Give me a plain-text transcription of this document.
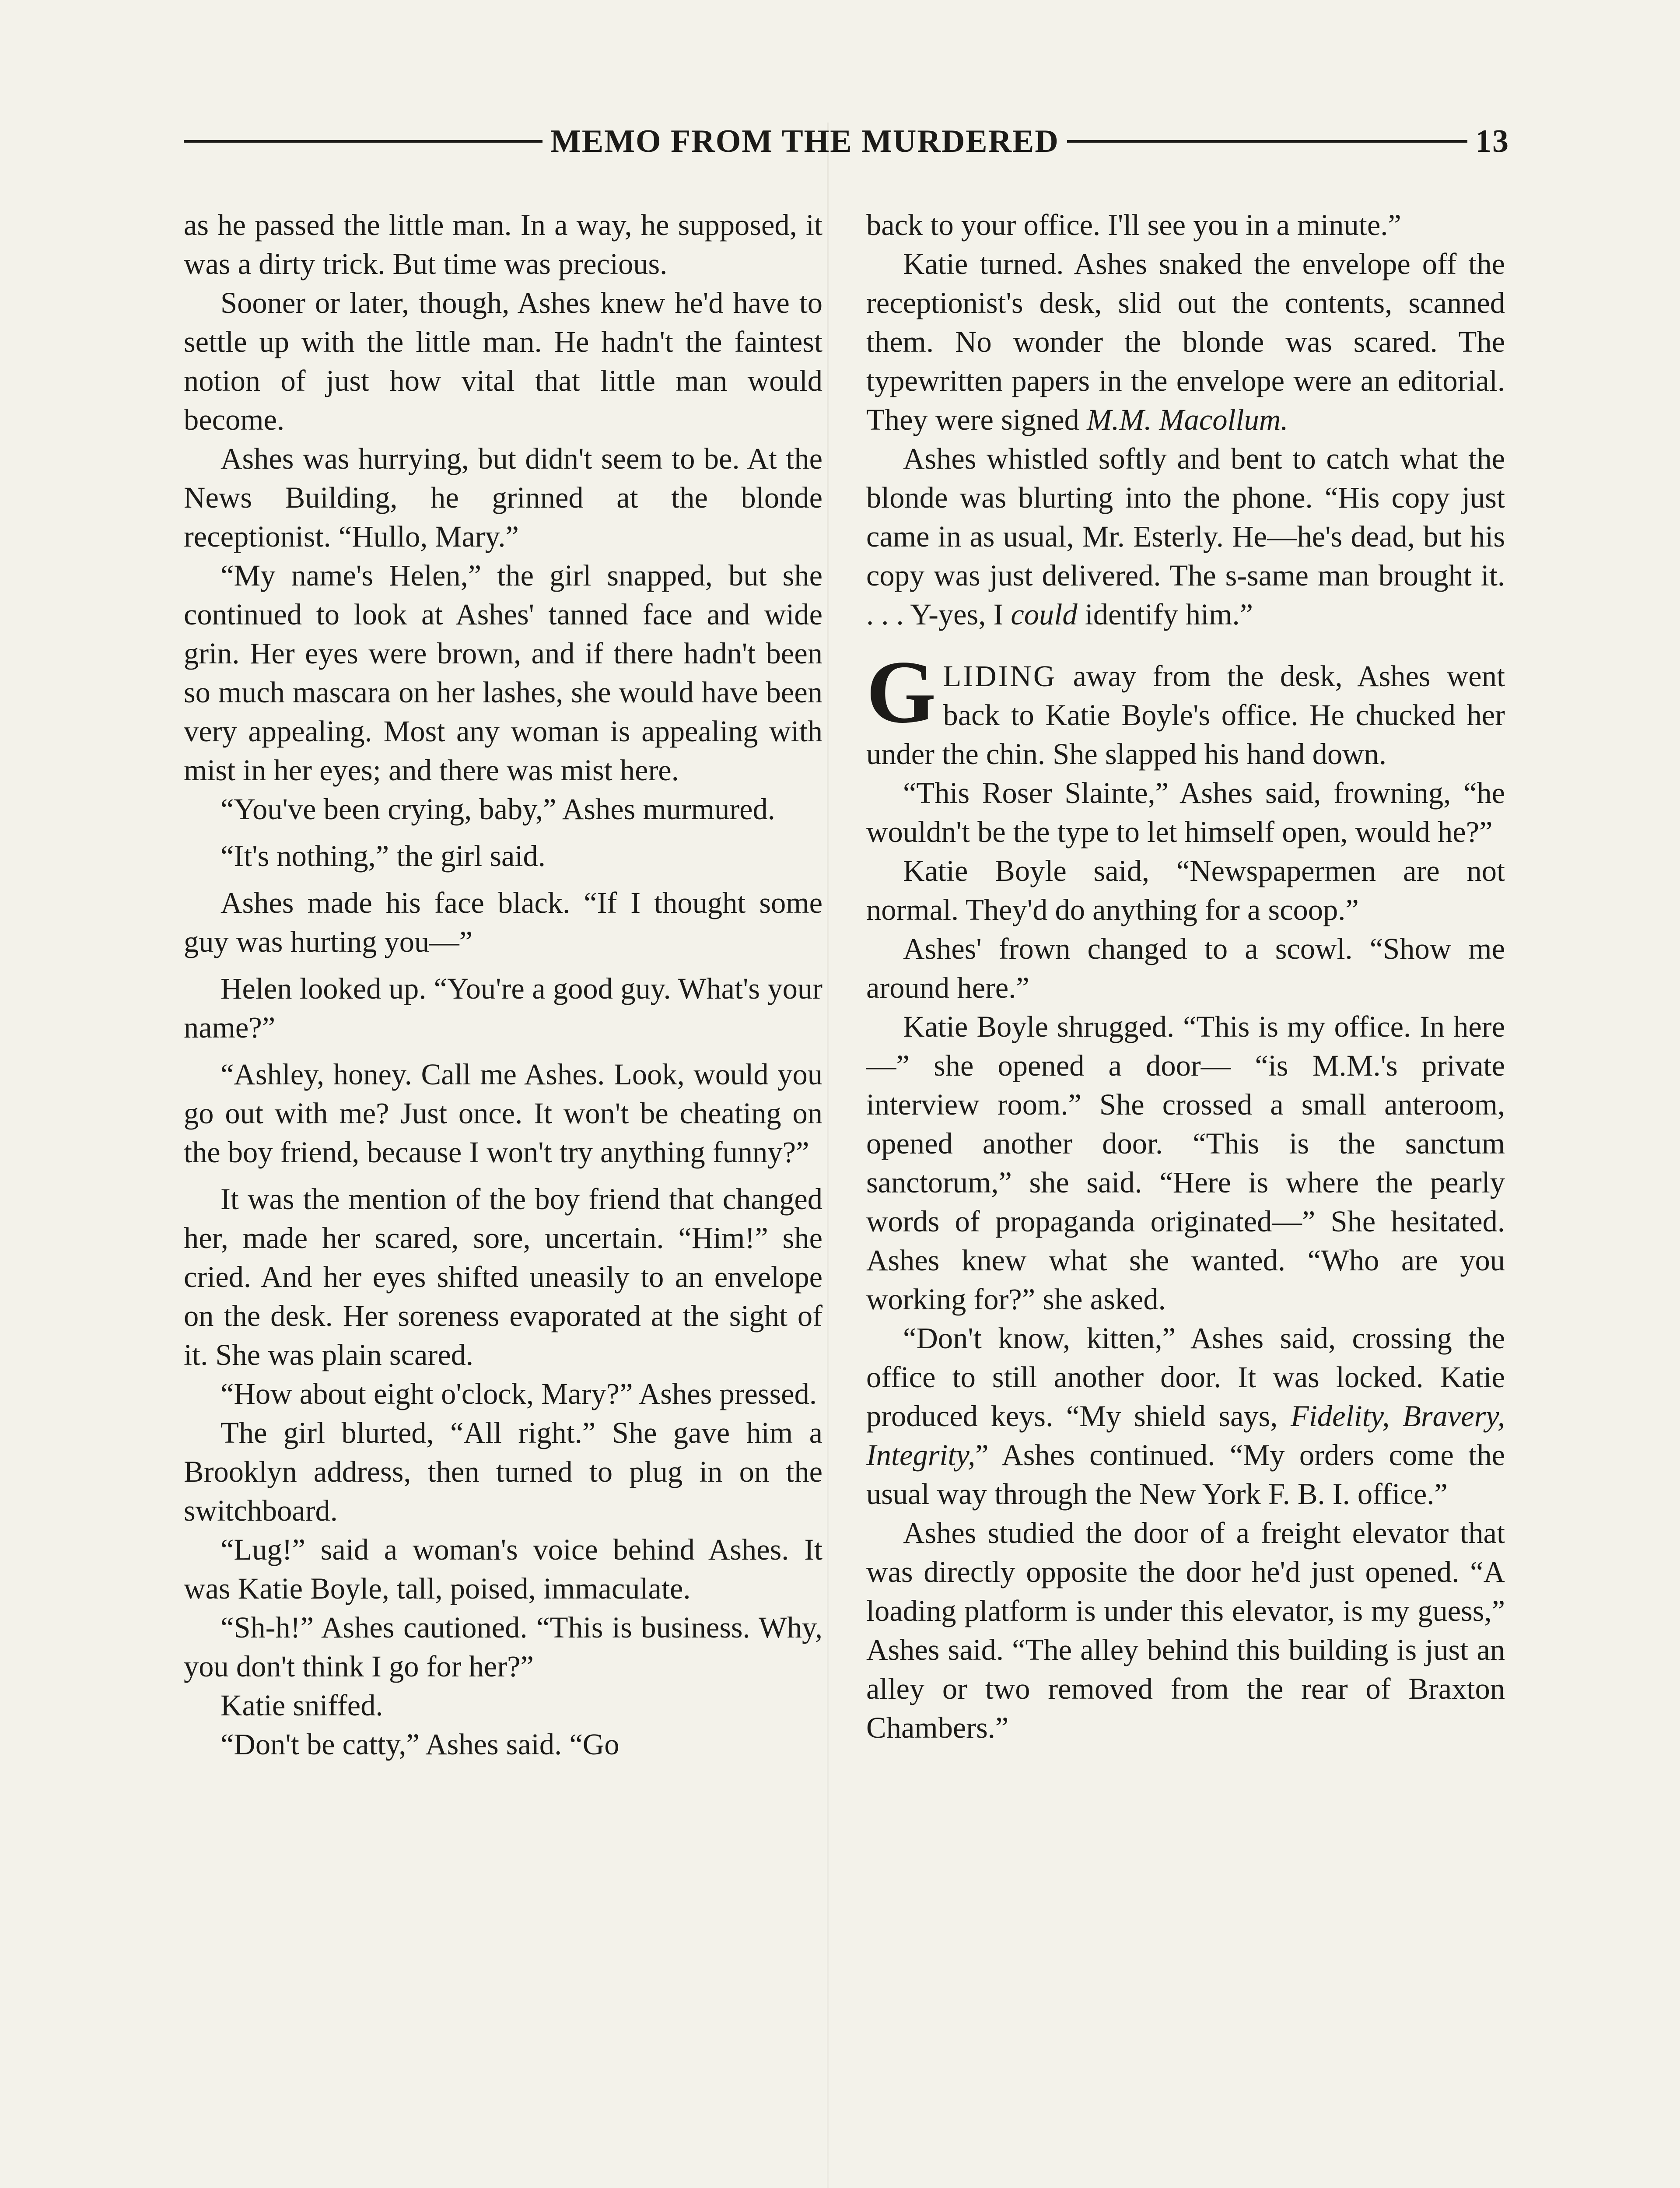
MEMO FROM THE MURDERED	13

as he passed the little man. In a way, he supposed, it was a dirty trick. But time was precious.

Sooner or later, though, Ashes knew he'd have to settle up with the little man. He hadn't the faintest notion of just how vital that little man would become.

Ashes was hurrying, but didn't seem to be. At the News Building, he grinned at the blonde receptionist. “Hullo, Mary.”

“My name's Helen,” the girl snapped, but she continued to look at Ashes' tanned face and wide grin. Her eyes were brown, and if there hadn't been so much mascara on her lashes, she would have been very appealing. Most any woman is appealing with mist in her eyes; and there was mist here.

“You've been crying, baby,” Ashes murmured.

“It's nothing,” the girl said.

Ashes made his face black. “If I thought some guy was hurting you—”

Helen looked up. “You're a good guy. What's your name?”

“Ashley, honey. Call me Ashes. Look, would you go out with me? Just once. It won't be cheating on the boy friend, because I won't try anything funny?”

It was the mention of the boy friend that changed her, made her scared, sore, uncertain. “Him!” she cried. And her eyes shifted uneasily to an envelope on the desk. Her soreness evaporated at the sight of it. She was plain scared.

“How about eight o'clock, Mary?” Ashes pressed.

The girl blurted, “All right.” She gave him a Brooklyn address, then turned to plug in on the switchboard.

“Lug!” said a woman's voice behind Ashes. It was Katie Boyle, tall, poised, immaculate.

“Sh-h!” Ashes cautioned. “This is business. Why, you don't think I go for her?”

Katie sniffed.

“Don't be catty,” Ashes said. “Go

back to your office. I'll see you in a minute.”

Katie turned. Ashes snaked the envelope off the receptionist's desk, slid out the contents, scanned them. No wonder the blonde was scared. The typewritten papers in the envelope were an editorial. They were signed M.M. Macollum.

Ashes whistled softly and bent to catch what the blonde was blurting into the phone. “His copy just came in as usual, Mr. Esterly. He—he's dead, but his copy was just delivered. The s-same man brought it. . . . Y-yes, I could identify him.”

GLIDING away from the desk, Ashes went back to Katie Boyle's office. He chucked her under the chin. She slapped his hand down.

“This Roser Slainte,” Ashes said, frowning, “he wouldn't be the type to let himself open, would he?”

Katie Boyle said, “Newspapermen are not normal. They'd do anything for a scoop.”

Ashes' frown changed to a scowl. “Show me around here.”

Katie Boyle shrugged. “This is my office. In here—” she opened a door— “is M.M.'s private interview room.” She crossed a small anteroom, opened another door. “This is the sanctum sanctorum,” she said. “Here is where the pearly words of propaganda originated—” She hesitated. Ashes knew what she wanted. “Who are you working for?” she asked.

“Don't know, kitten,” Ashes said, crossing the office to still another door. It was locked. Katie produced keys. “My shield says, Fidelity, Bravery, Integrity,” Ashes continued. “My orders come the usual way through the New York F. B. I. office.”

Ashes studied the door of a freight elevator that was directly opposite the door he'd just opened. “A loading platform is under this elevator, is my guess,” Ashes said. “The alley behind this building is just an alley or two removed from the rear of Braxton Chambers.”
